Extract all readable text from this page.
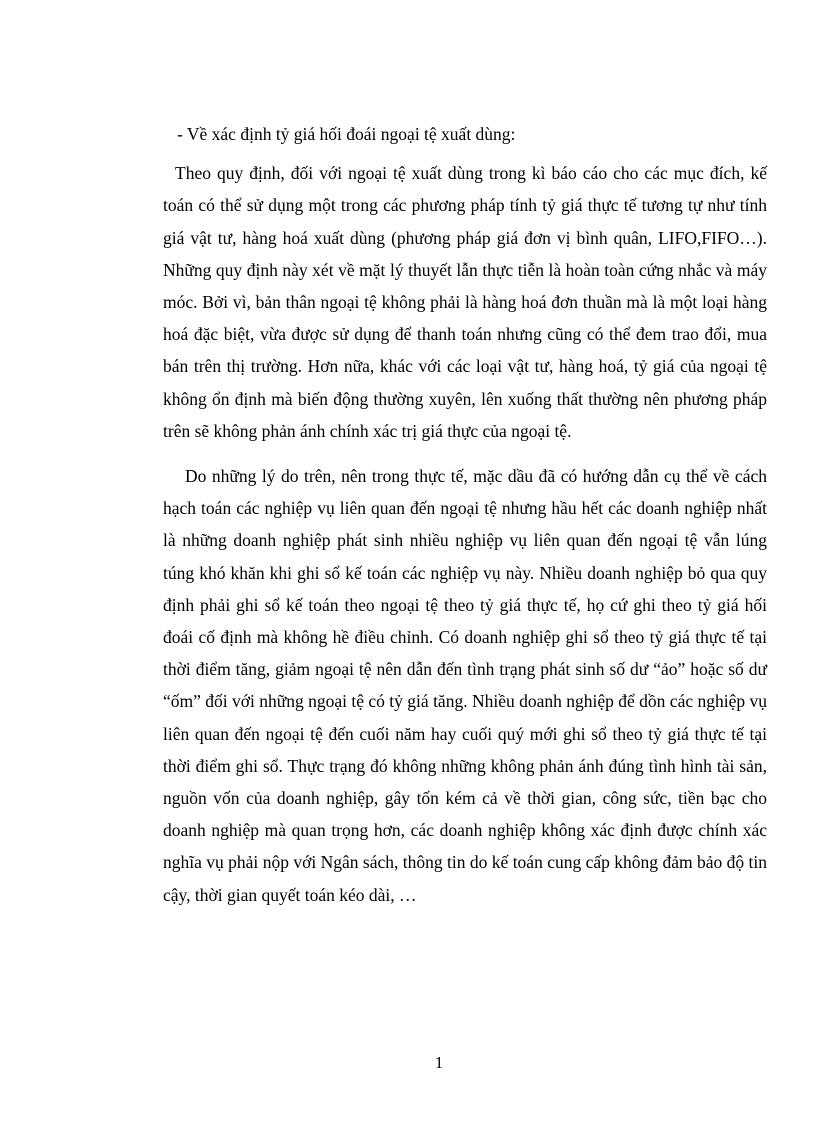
- Về xác định tỷ giá hối đoái ngoại tệ xuất dùng:

Theo quy định, đối với ngoại tệ xuất dùng trong kì báo cáo cho các mục đích, kế toán có thể sử dụng một trong các phương pháp tính tỷ giá thực tế tương tự như tính giá vật tư, hàng hoá xuất dùng (phương pháp giá đơn vị bình quân, LIFO,FIFO…). Những quy định này xét về mặt lý thuyết lẫn thực tiễn là hoàn toàn cứng nhắc và máy móc. Bởi vì, bản thân ngoại tệ không phải là hàng hoá đơn thuần mà là một loại hàng hoá đặc biệt, vừa được sử dụng để thanh toán nhưng cũng có thể đem trao đổi, mua bán trên thị trường. Hơn nữa, khác với các loại vật tư, hàng hoá, tỷ giá của ngoại tệ không ổn định mà biến động thường xuyên, lên xuống thất thường nên phương pháp trên sẽ không phản ánh chính xác trị giá thực của ngoại tệ.

Do những lý do trên, nên trong thực tế, mặc dầu đã có hướng dẫn cụ thể về cách hạch toán các nghiệp vụ liên quan đến ngoại tệ nhưng hầu hết các doanh nghiệp nhất là những doanh nghiệp phát sinh nhiều nghiệp vụ liên quan đến ngoại tệ vẫn lúng túng khó khăn khi ghi sổ kế toán các nghiệp vụ này. Nhiều doanh nghiệp bỏ qua quy định phải ghi sổ kế toán theo ngoại tệ theo tỷ giá thực tế, họ cứ ghi theo tỷ giá hối đoái cố định mà không hề điều chỉnh. Có doanh nghiệp ghi sổ theo tỷ giá thực tế tại thời điểm tăng, giảm ngoại tệ nên dẫn đến tình trạng phát sinh số dư “ảo” hoặc số dư “ốm” đối với những ngoại tệ có tỷ giá tăng. Nhiều doanh nghiệp để dồn các nghiệp vụ liên quan đến ngoại tệ đến cuối năm hay cuối quý mới ghi sổ theo tỷ giá thực tế tại thời điểm ghi sổ. Thực trạng đó không những không phản ánh đúng tình hình tài sản, nguồn vốn của doanh nghiệp, gây tốn kém cả về thời gian, công sức, tiền bạc cho doanh nghiệp mà quan trọng hơn, các doanh nghiệp không xác định được chính xác nghĩa vụ phải nộp với Ngân sách, thông tin do kế toán cung cấp không đảm bảo độ tin cậy, thời gian quyết toán kéo dài, …

1
